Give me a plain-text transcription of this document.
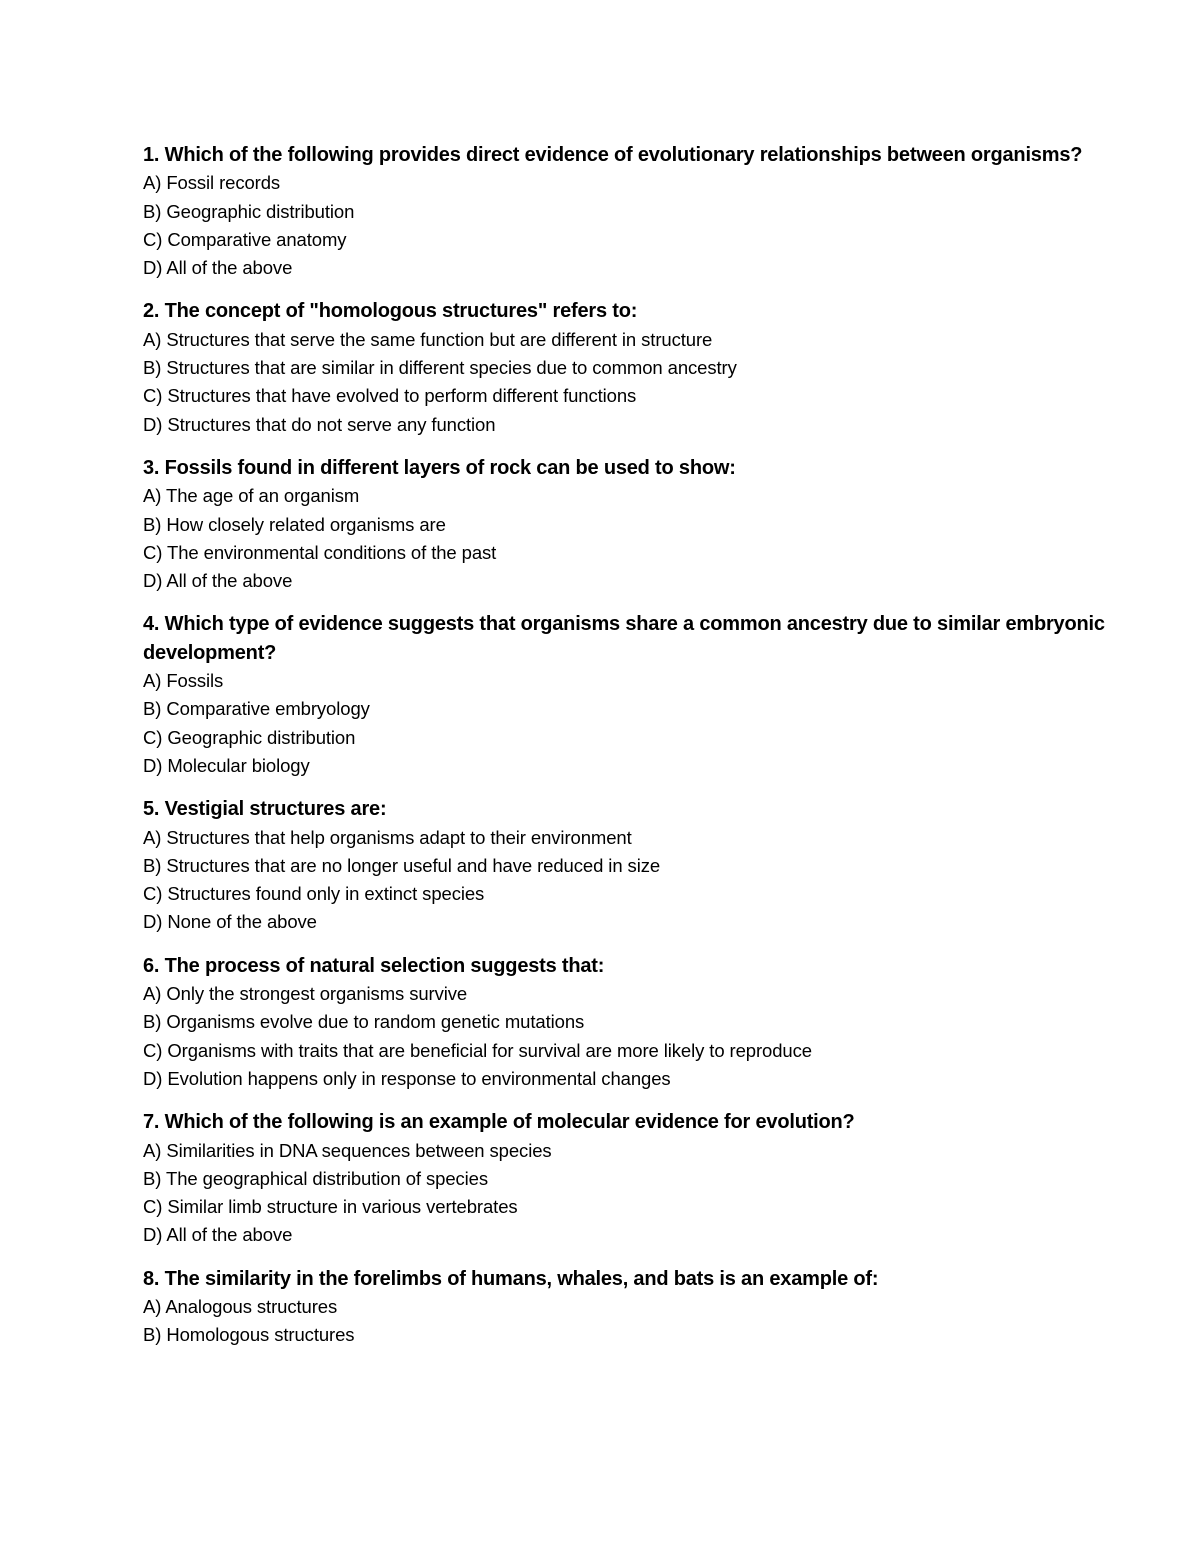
1. Which of the following provides direct evidence of evolutionary relationships between organisms?

A) Fossil records

B) Geographic distribution

C) Comparative anatomy

D) All of the above

2. The concept of "homologous structures" refers to:

A) Structures that serve the same function but are different in structure

B) Structures that are similar in different species due to common ancestry

C) Structures that have evolved to perform different functions

D) Structures that do not serve any function

3. Fossils found in different layers of rock can be used to show:

A) The age of an organism

B) How closely related organisms are

C) The environmental conditions of the past

D) All of the above

4. Which type of evidence suggests that organisms share a common ancestry due to similar embryonic development?

A) Fossils

B) Comparative embryology

C) Geographic distribution

D) Molecular biology

5. Vestigial structures are:

A) Structures that help organisms adapt to their environment

B) Structures that are no longer useful and have reduced in size

C) Structures found only in extinct species

D) None of the above

6. The process of natural selection suggests that:

A) Only the strongest organisms survive

B) Organisms evolve due to random genetic mutations

C) Organisms with traits that are beneficial for survival are more likely to reproduce

D) Evolution happens only in response to environmental changes

7. Which of the following is an example of molecular evidence for evolution?

A) Similarities in DNA sequences between species

B) The geographical distribution of species

C) Similar limb structure in various vertebrates

D) All of the above

8. The similarity in the forelimbs of humans, whales, and bats is an example of:

A) Analogous structures

B) Homologous structures
